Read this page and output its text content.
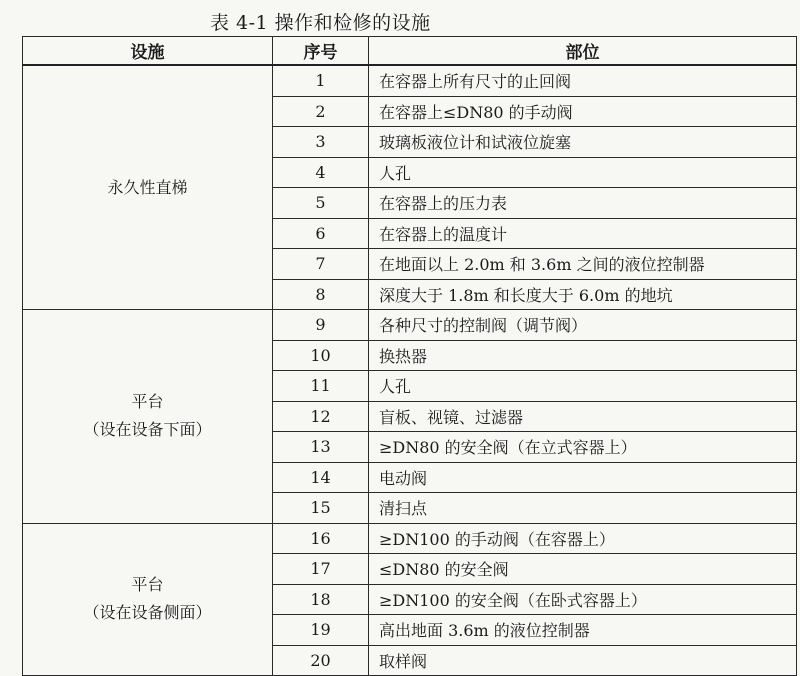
表 4-1 操作和检修的设施
设施	序号	部位
永久性直梯	1	在容器上所有尺寸的止回阀
	2	在容器上≤DN80 的手动阀
	3	玻璃板液位计和试液位旋塞
	4	人孔
	5	在容器上的压力表
	6	在容器上的温度计
	7	在地面以上 2.0m 和 3.6m 之间的液位控制器
	8	深度大于 1.8m 和长度大于 6.0m 的地坑
平台
（设在设备下面）	9	各种尺寸的控制阀（调节阀）
	10	换热器
	11	人孔
	12	盲板、视镜、过滤器
	13	≥DN80 的安全阀（在立式容器上）
	14	电动阀
	15	清扫点
平台
（设在设备侧面）	16	≥DN100 的手动阀（在容器上）
	17	≤DN80 的安全阀
	18	≥DN100 的安全阀（在卧式容器上）
	19	高出地面 3.6m 的液位控制器
	20	取样阀
